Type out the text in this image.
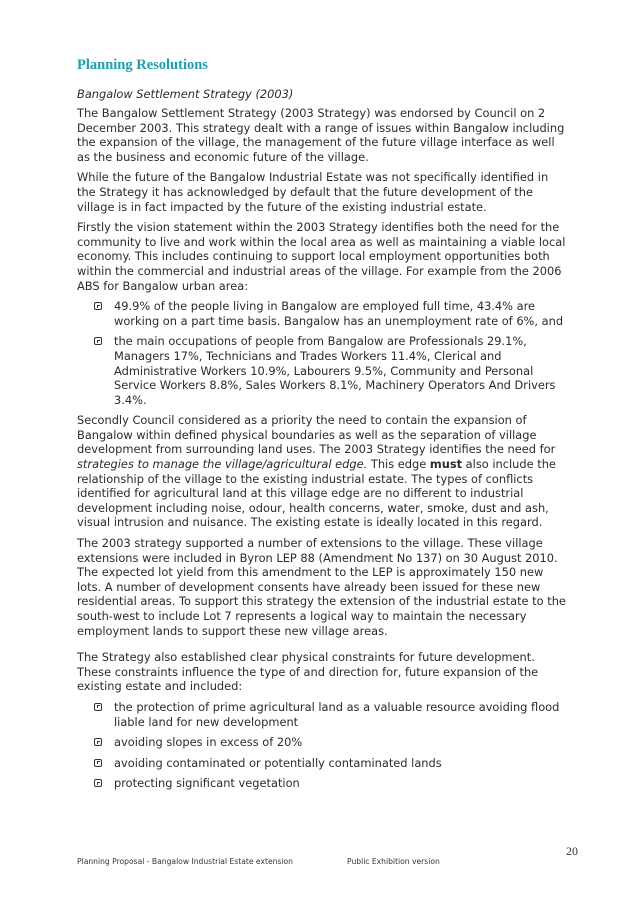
Planning Resolutions
Bangalow Settlement Strategy (2003)

The Bangalow Settlement Strategy (2003 Strategy) was endorsed by Council on 2 December 2003. This strategy dealt with a range of issues within Bangalow including the expansion of the village, the management of the future village interface as well as the business and economic future of the village.

While the future of the Bangalow Industrial Estate was not specifically identified in the Strategy it has acknowledged by default that the future development of the village is in fact impacted by the future of the existing industrial estate.

Firstly the vision statement within the 2003 Strategy identifies both the need for the community to live and work within the local area as well as maintaining a viable local economy. This includes continuing to support local employment opportunities both within the commercial and industrial areas of the village. For example from the 2006 ABS for Bangalow urban area:

49.9% of the people living in Bangalow are employed full time, 43.4% are working on a part time basis. Bangalow has an unemployment rate of 6%, and
the main occupations of people from Bangalow are Professionals 29.1%, Managers 17%, Technicians and Trades Workers 11.4%, Clerical and Administrative Workers 10.9%, Labourers 9.5%, Community and Personal Service Workers 8.8%, Sales Workers 8.1%, Machinery Operators And Drivers 3.4%.

Secondly Council considered as a priority the need to contain the expansion of Bangalow within defined physical boundaries as well as the separation of village development from surrounding land uses. The 2003 Strategy identifies the need for strategies to manage the village/agricultural edge. This edge must also include the relationship of the village to the existing industrial estate. The types of conflicts identified for agricultural land at this village edge are no different to industrial development including noise, odour, health concerns, water, smoke, dust and ash, visual intrusion and nuisance. The existing estate is ideally located in this regard.

The 2003 strategy supported a number of extensions to the village. These village extensions were included in Byron LEP 88 (Amendment No 137) on 30 August 2010. The expected lot yield from this amendment to the LEP is approximately 150 new lots. A number of development consents have already been issued for these new residential areas. To support this strategy the extension of the industrial estate to the south-west to include Lot 7 represents a logical way to maintain the necessary employment lands to support these new village areas.

The Strategy also established clear physical constraints for future development. These constraints influence the type of and direction for, future expansion of the existing estate and included:

the protection of prime agricultural land as a valuable resource avoiding flood liable land for new development
avoiding slopes in excess of 20%
avoiding contaminated or potentially contaminated lands
protecting significant vegetation
20
Planning Proposal - Bangalow Industrial Estate extension	Public Exhibition version
